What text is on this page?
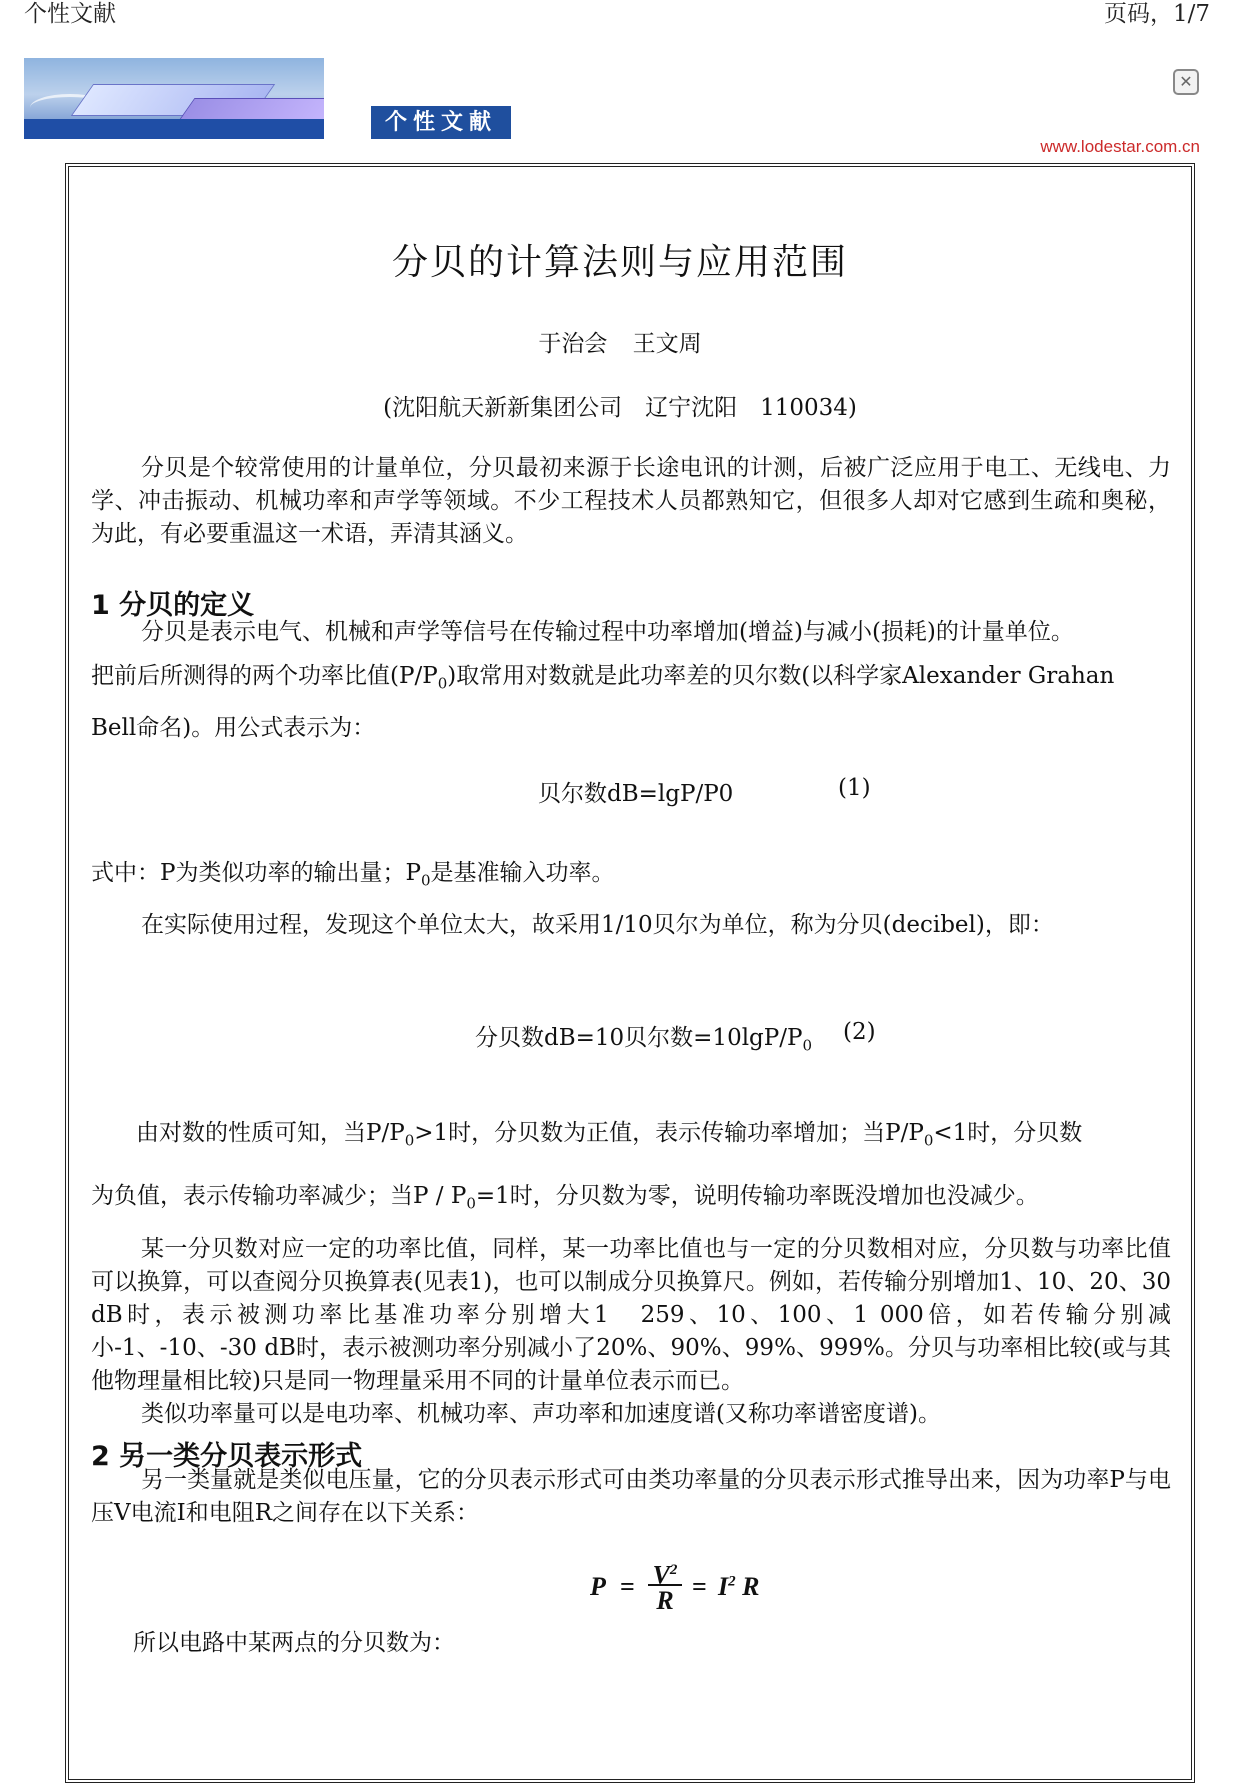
个性文献	页码，1/7
个性文献
✕
www.lodestar.com.cn
分贝的计算法则与应用范围
于治会 王文周
(沈阳航天新新集团公司　辽宁沈阳　110034)

分贝是个较常使用的计量单位，分贝最初来源于长途电讯的计测，后被广泛应用于电工、无线电、力学、冲击振动、机械功率和声学等领域。不少工程技术人员都熟知它，但很多人却对它感到生疏和奥秘，为此，有必要重温这一术语，弄清其涵义。

1 分贝的定义

分贝是表示电气、机械和声学等信号在传输过程中功率增加(增益)与减小(损耗)的计量单位。

把前后所测得的两个功率比值$(P/P_0)$取常用对数就是此功率差的贝尔数(以科学家Alexander Grahan

Bell命名)。用公式表示为：

贝尔数dB=lgP/P0	(1)

式中：P为类似功率的输出量；$P_0$是基准输入功率。

在实际使用过程，发现这个单位太大，故采用1/10贝尔为单位，称为分贝(decibel)，即：

分贝数dB=10贝尔数$=10\lg P/P_0$
(2)

由对数的性质可知，当$P/P_0>1$时，分贝数为正值，表示传输功率增加；当$P/P_0<1$时，分贝数

为负值，表示传输功率减少；当$P / P_0=1$时，分贝数为零，说明传输功率既没增加也没减少。

某一分贝数对应一定的功率比值，同样，某一功率比值也与一定的分贝数相对应，分贝数与功率比值可以换算，可以查阅分贝换算表(见表1)，也可以制成分贝换算尺。例如，若传输分别增加1、10、20、30 dB时，表示被测功率比基准功率分别增大1　259、10、100、1 000倍，如若传输分别减小-1、-10、-30 dB时，表示被测功率分别减小了20%、90%、99%、999%。分贝与功率相比较(或与其他物理量相比较)只是同一物理量采用不同的计量单位表示而已。

类似功率量可以是电功率、机械功率、声功率和加速度谱(又称功率谱密度谱)。

2 另一类分贝表示形式

另一类量就是类似电压量，它的分贝表示形式可由类功率量的分贝表示形式推导出来，因为功率P与电压V电流I和电阻R之间存在以下关系：

$P = \frac{V^2}{R} = I^2$ R

所以电路中某两点的分贝数为：
